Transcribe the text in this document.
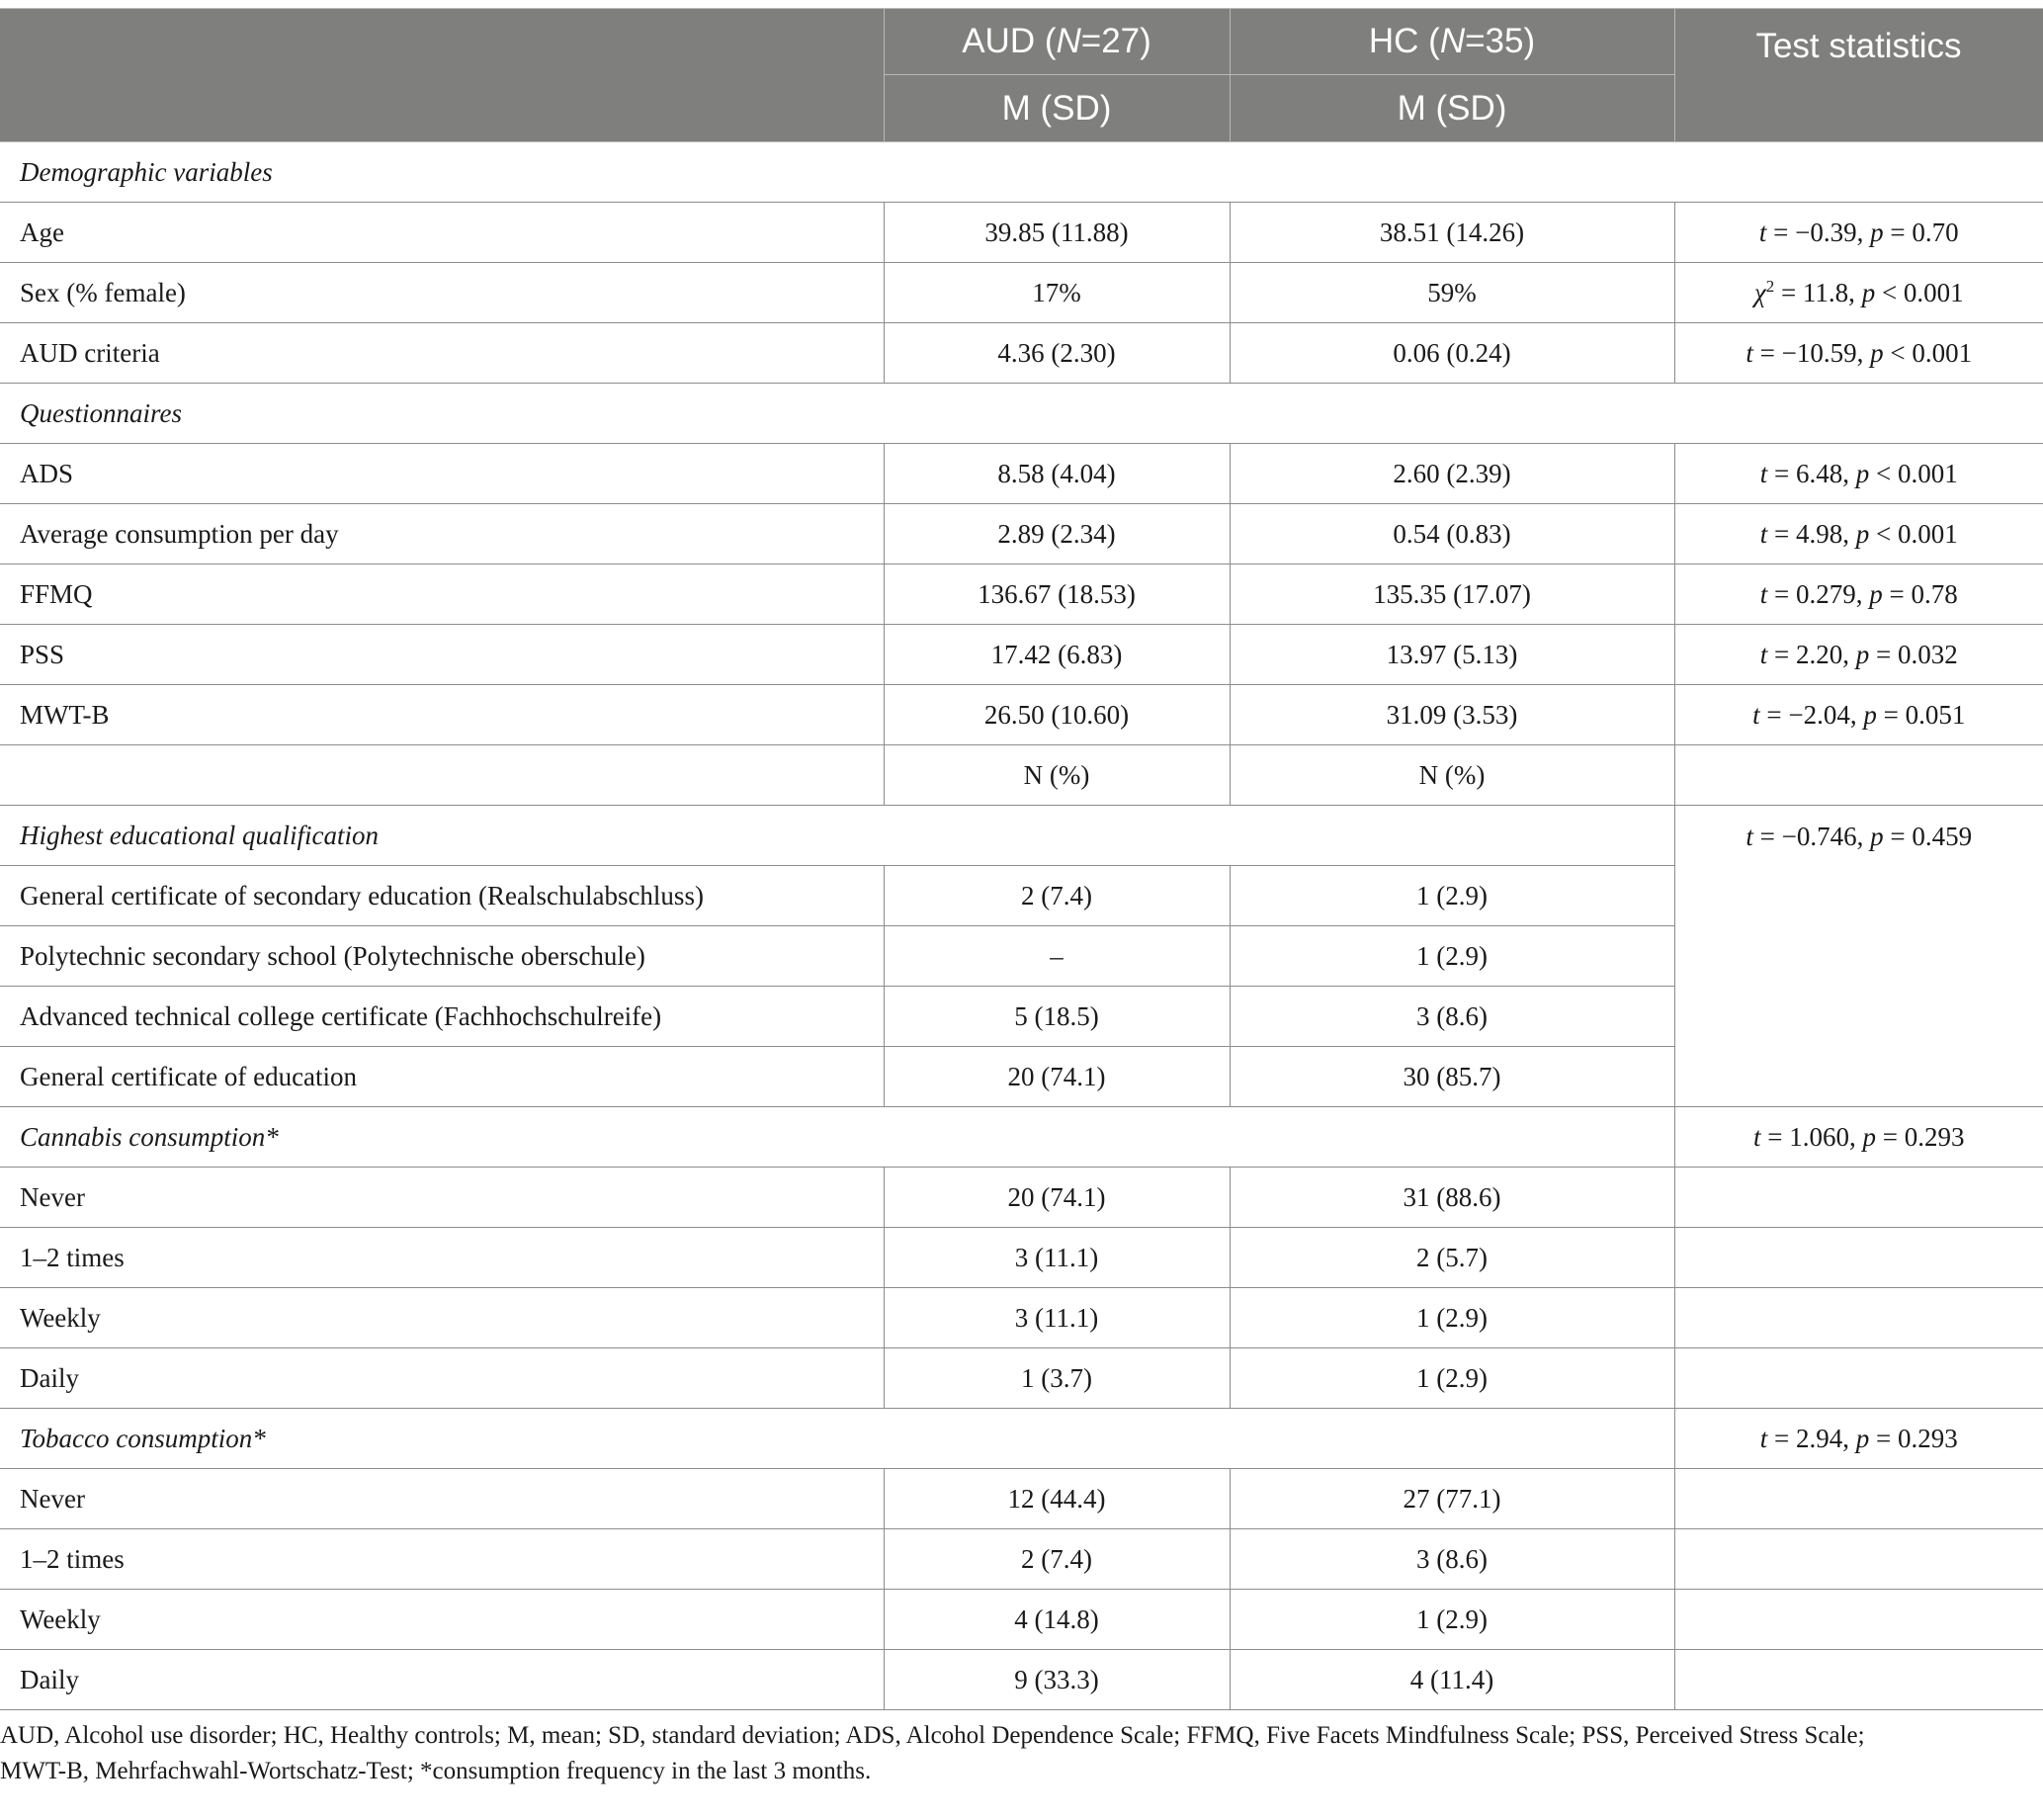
	AUD (N=27)	HC (N=35)	Test statistics
	M (SD)	M (SD)	
Demographic variables			
Age	39.85 (11.88)	38.51 (14.26)	t = −0.39, p = 0.70
Sex (% female)	17%	59%	$\chi^2 = 11.8$, p < 0.001
AUD criteria	4.36 (2.30)	0.06 (0.24)	t = −10.59, p < 0.001
Questionnaires			
ADS	8.58 (4.04)	2.60 (2.39)	t = 6.48, p < 0.001
Average consumption per day	2.89 (2.34)	0.54 (0.83)	t = 4.98, p < 0.001
FFMQ	136.67 (18.53)	135.35 (17.07)	t = 0.279, p = 0.78
PSS	17.42 (6.83)	13.97 (5.13)	t = 2.20, p = 0.032
MWT-B	26.50 (10.60)	31.09 (3.53)	t = −2.04, p = 0.051
	N (%)	N (%)	
Highest educational qualification			t = −0.746, p = 0.459
General certificate of secondary education (Realschulabschluss)	2 (7.4)	1 (2.9)	
Polytechnic secondary school (Polytechnische oberschule)	–	1 (2.9)	
Advanced technical college certificate (Fachhochschulreife)	5 (18.5)	3 (8.6)	
General certificate of education	20 (74.1)	30 (85.7)	
Cannabis consumption*			t = 1.060, p = 0.293
Never	20 (74.1)	31 (88.6)	
1–2 times	3 (11.1)	2 (5.7)	
Weekly	3 (11.1)	1 (2.9)	
Daily	1 (3.7)	1 (2.9)	
Tobacco consumption*			t = 2.94, p = 0.293
Never	12 (44.4)	27 (77.1)	
1–2 times	2 (7.4)	3 (8.6)	
Weekly	4 (14.8)	1 (2.9)	
Daily	9 (33.3)	4 (11.4)	
AUD, Alcohol use disorder; HC, Healthy controls; M, mean; SD, standard deviation; ADS, Alcohol Dependence Scale; FFMQ, Five Facets Mindfulness Scale; PSS, Perceived Stress Scale;
MWT-B, Mehrfachwahl-Wortschatz-Test; *consumption frequency in the last 3 months.
